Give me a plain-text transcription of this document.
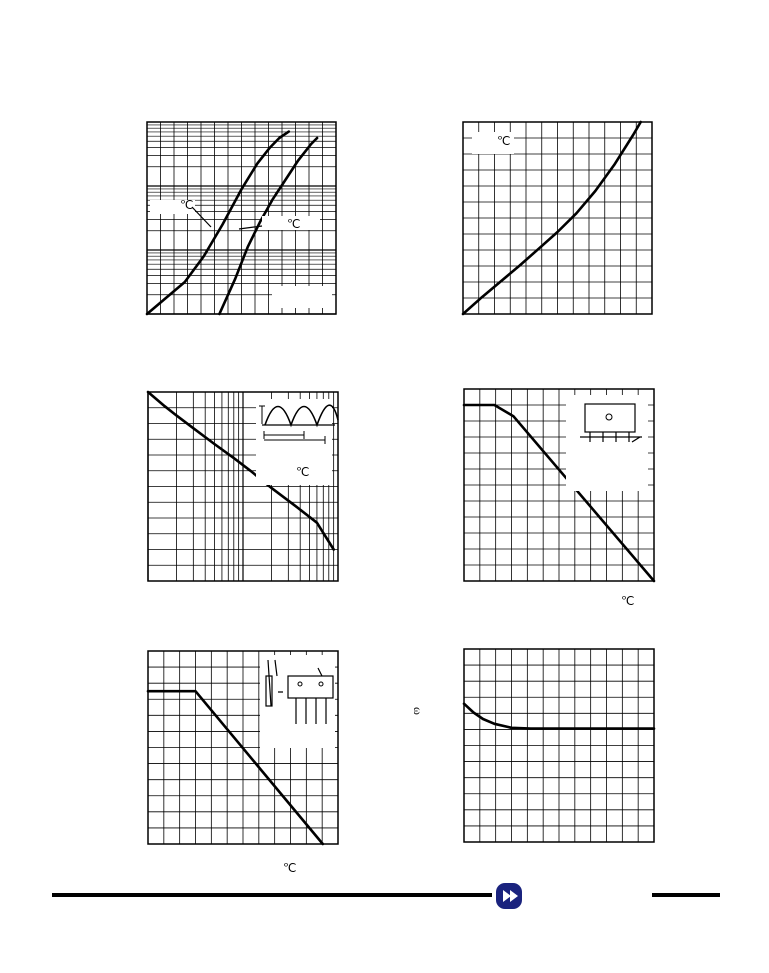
℃
℃
℃
℃
℃
℃
ω
